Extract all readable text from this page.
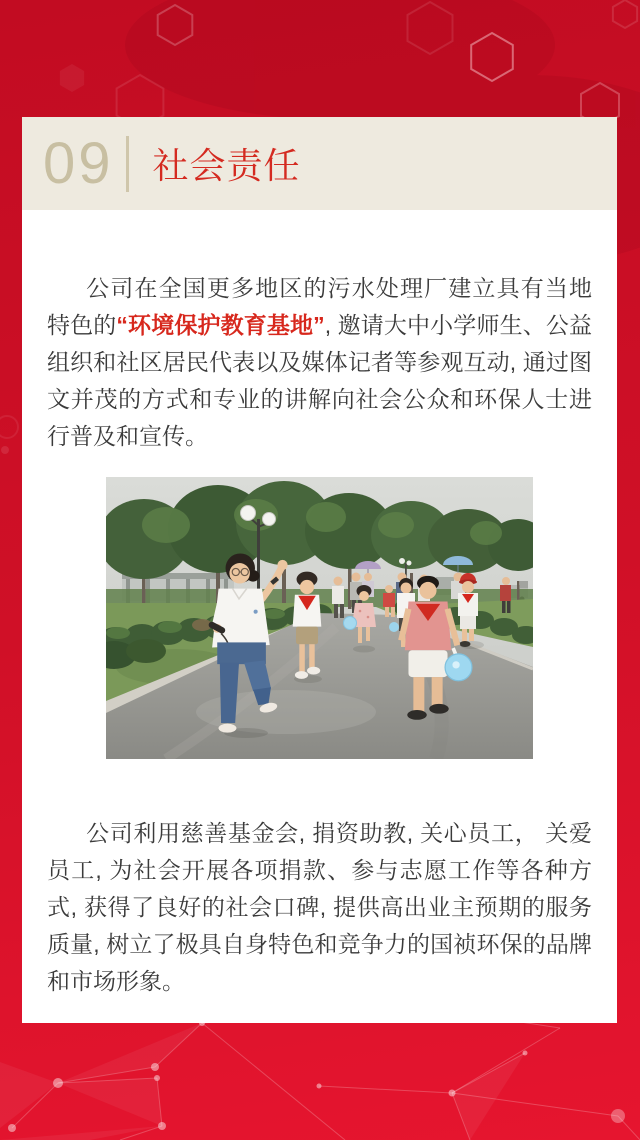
09 社会责任

公司在全国更多地区的污水处理厂建立具有当地特色的“环境保护教育基地”, 邀请大中小学师生、公益组织和社区居民代表以及媒体记者等参观互动, 通过图文并茂的方式和专业的讲解向社会公众和环保人士进行普及和宣传。

公司利用慈善基金会, 捐资助教, 关心员工， 关爱员工, 为社会开展各项捐款、参与志愿工作等各种方式, 获得了良好的社会口碑, 提供高出业主预期的服务质量, 树立了极具自身特色和竞争力的国祯环保的品牌和市场形象。
